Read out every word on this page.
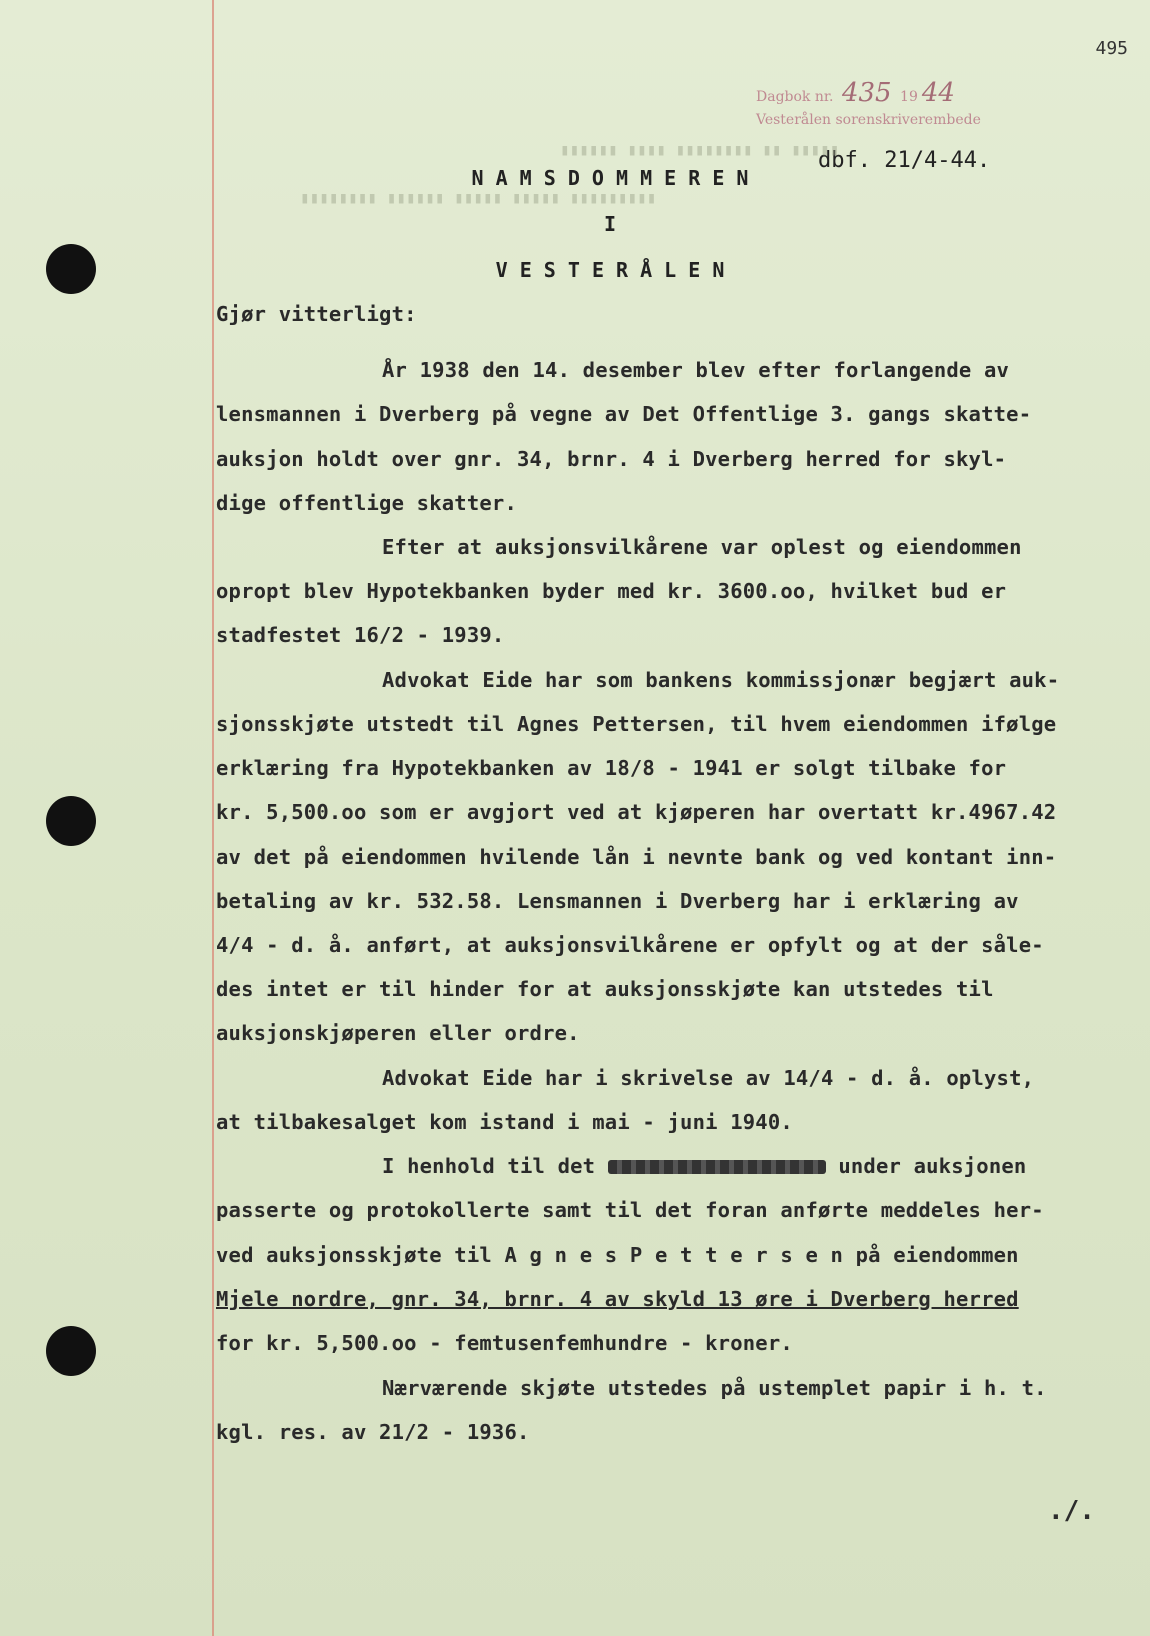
495
Dagbok nr. 435 19 44
Vesterålen sorenskriverembede
dbf. 21/4-44.
N A M S D O M M E R E N
I
V E S T E R Å L E N
▮▮▮▮▮▮ ▮▮▮▮ ▮▮▮▮▮▮▮▮ ▮▮ ▮▮▮▮▮
▮▮▮▮▮▮▮▮ ▮▮▮▮▮▮ ▮▮▮▮▮ ▮▮▮▮▮ ▮▮▮▮▮▮▮▮▮
Gjør vitterligt:
År 1938 den 14. desember blev efter forlangende av
lensmannen i Dverberg på vegne av Det Offentlige 3. gangs skatte-
auksjon holdt over gnr. 34, brnr. 4 i Dverberg herred for skyl-
dige offentlige skatter.
Efter at auksjonsvilkårene var oplest og eiendommen
opropt blev Hypotekbanken byder med kr. 3600.oo, hvilket bud er
stadfestet 16/2 - 1939.
Advokat Eide har som bankens kommissjonær begjært auk-
sjonsskjøte utstedt til Agnes Pettersen, til hvem eiendommen ifølge
erklæring fra Hypotekbanken av 18/8 - 1941 er solgt tilbake for
kr. 5,500.oo som er avgjort ved at kjøperen har overtatt kr.4967.42
av det på eiendommen hvilende lån i nevnte bank og ved kontant inn-
betaling av kr. 532.58. Lensmannen i Dverberg har i erklæring av
4/4 - d. å. anført, at auksjonsvilkårene er opfylt og at der såle-
des intet er til hinder for at auksjonsskjøte kan utstedes til
auksjonskjøperen eller ordre.
Advokat Eide har i skrivelse av 14/4 - d. å. oplyst,
at tilbakesalget kom istand i mai - juni 1940.
I henhold til det	under auksjonen
passerte og protokollerte samt til det foran anførte meddeles her-
ved auksjonsskjøte til A g n e s P e t t e r s e n på eiendommen
Mjele nordre, gnr. 34, brnr. 4 av skyld 13 øre i Dverberg herred
for kr. 5,500.oo - femtusenfemhundre - kroner.
Nærværende skjøte utstedes på ustemplet papir i h. t.
kgl. res. av 21/2 - 1936.
./.
